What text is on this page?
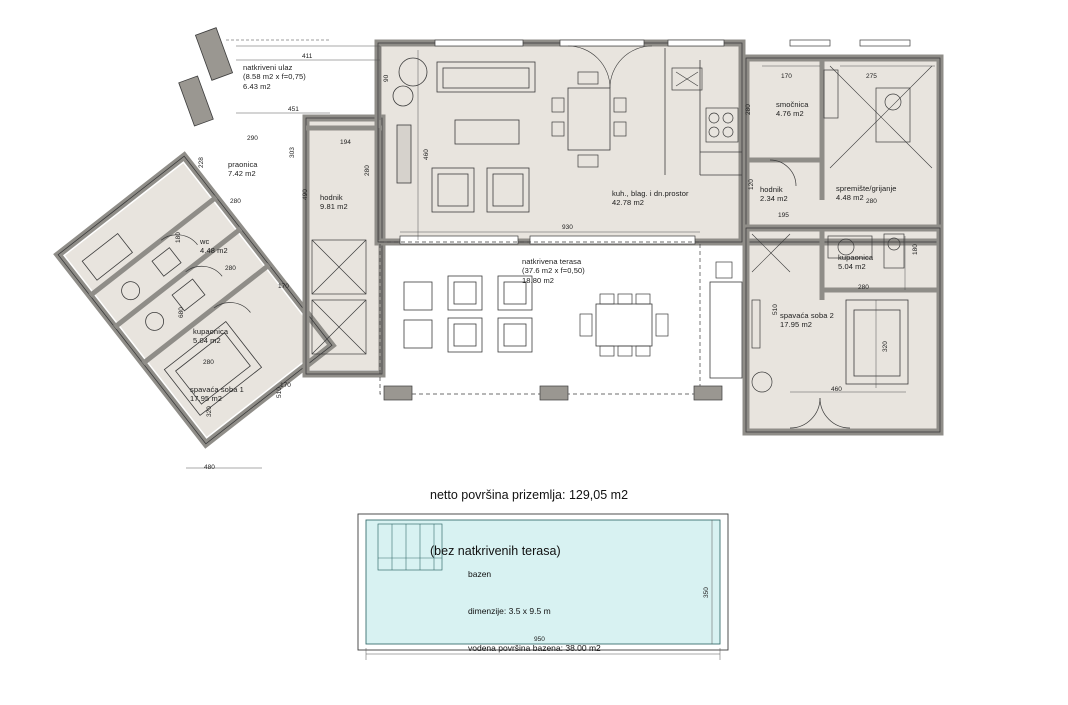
natkriveni ulaz
(8.58 m2 x f=0,75)
6.43 m2
praonica
7.42 m2
hodnik
9.81 m2
wc
4.48 m2
kupaonica
5.04 m2
spavaća soba 1
17.95 m2
kuh., blag. i dn.prostor
42.78 m2
natkrivena terasa
(37.6 m2 x f=0,50)
18.80 m2
smočnica
4.76 m2
hodnik
2.34 m2
spremište/grijanje
4.48 m2
kupaonica
5.04 m2
spavaća soba 2
17.95 m2

netto površina prizemlja: 129,05 m2

(bez natkrivenih terasa)

bazen

dimenzije: 3.5 x 9.5 m

vodena površina bazena: 38.00 m2

950
350
411
451
90
290
194
228
303
280
490
280
460
180
280
170
680
280
170
510
320
480
930
170	275
280
120
195
280
180
280
510
320
460
